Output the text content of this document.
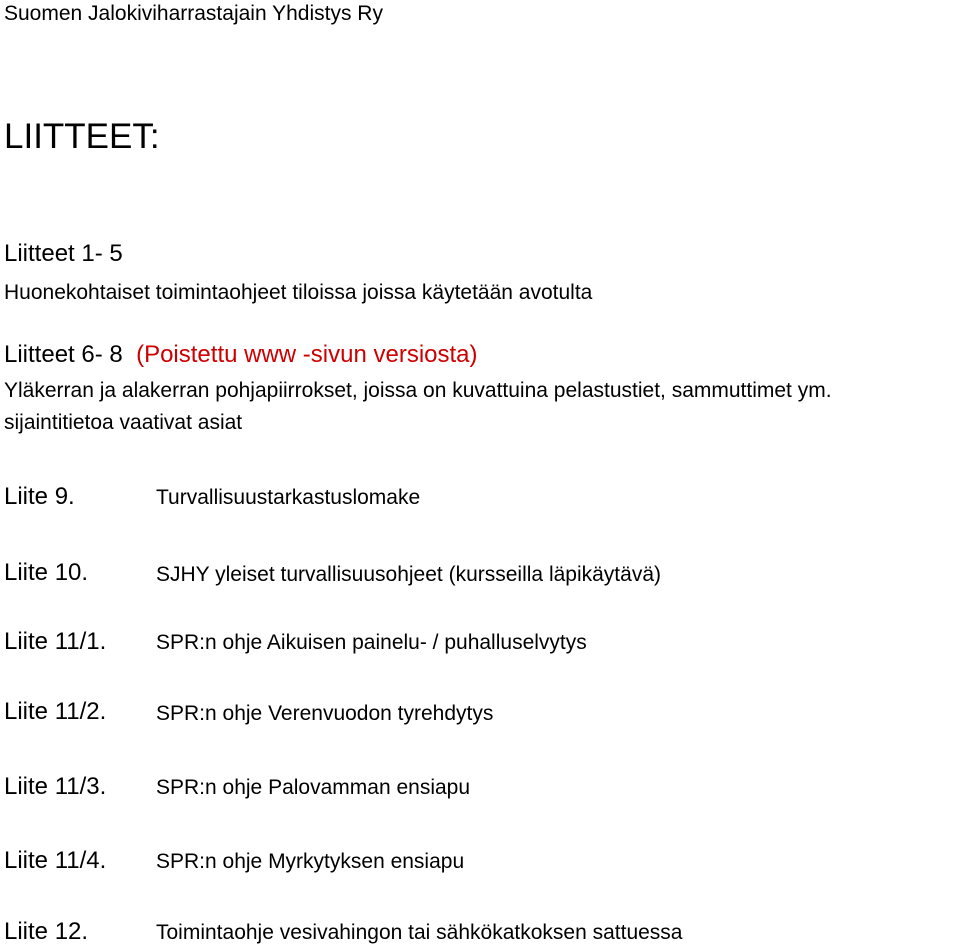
Suomen Jalokiviharrastajain Yhdistys Ry
LIITTEET:
Liitteet 1- 5
Huonekohtaiset toimintaohjeet tiloissa joissa käytetään avotulta
Liitteet 6- 8  (Poistettu www -sivun versiosta)
Yläkerran ja alakerran pohjapiirrokset, joissa on kuvattuina pelastustiet, sammuttimet ym.
sijaintitietoa vaativat asiat
Liite 9.	Turvallisuustarkastuslomake
Liite 10.	SJHY yleiset turvallisuusohjeet (kursseilla läpikäytävä)
Liite 11/1. SPR:n ohje Aikuisen painelu- / puhalluselvytys
Liite 11/2. SPR:n ohje Verenvuodon tyrehdytys
Liite 11/3. SPR:n ohje Palovamman ensiapu
Liite 11/4. SPR:n ohje Myrkytyksen ensiapu
Liite 12.	Toimintaohje vesivahingon tai sähkökatkoksen sattuessa
